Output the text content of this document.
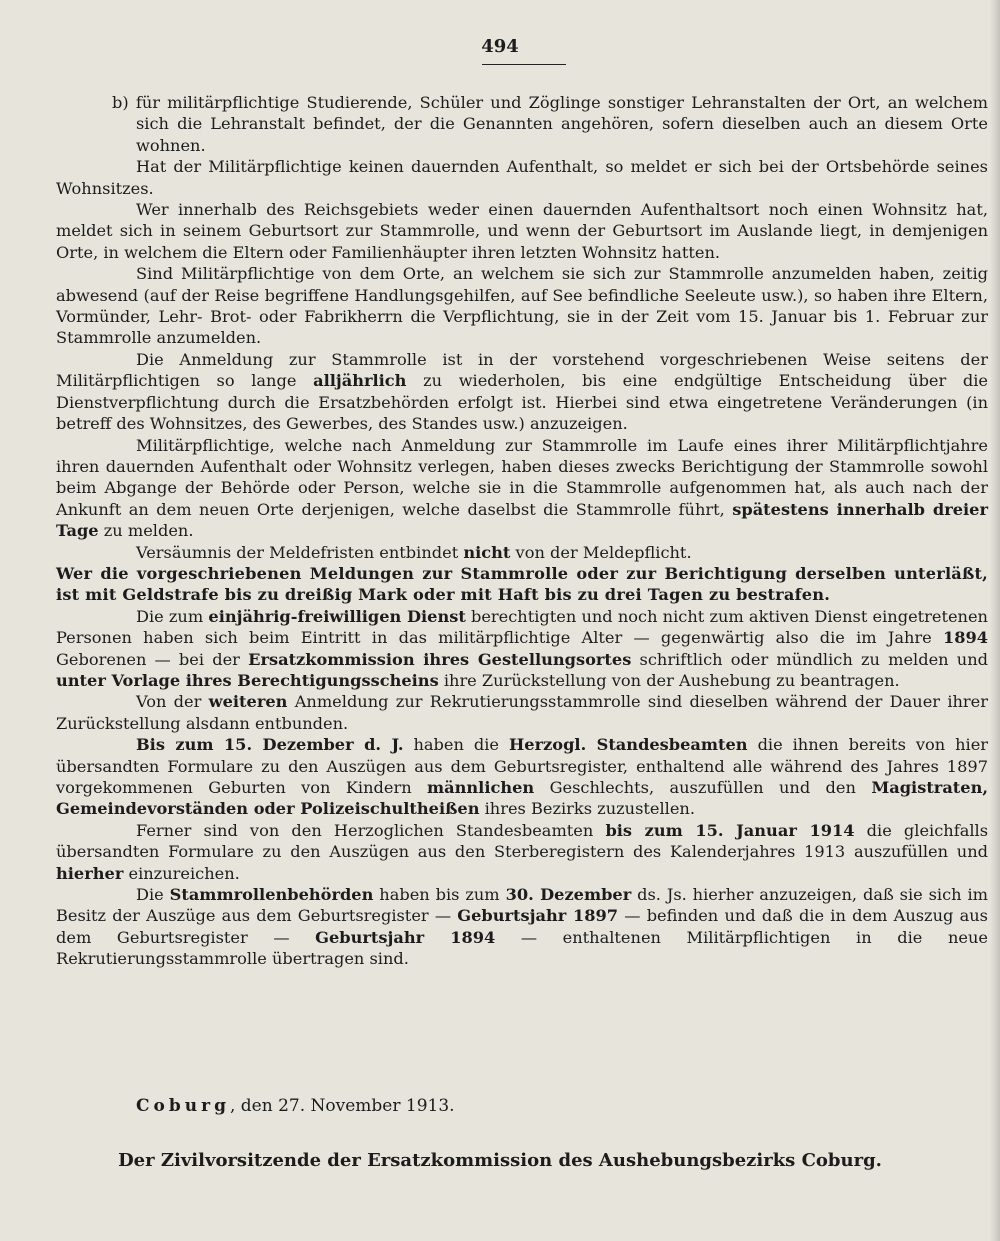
494

b) für militärpflichtige Studierende, Schüler und Zöglinge sonstiger Lehranstalten der Ort, an welchem sich die Lehranstalt befindet, der die Genannten angehören, sofern dieselben auch an diesem Orte wohnen.

Hat der Militärpflichtige keinen dauernden Aufenthalt, so meldet er sich bei der Ortsbehörde seines Wohnsitzes.

Wer innerhalb des Reichsgebiets weder einen dauernden Aufenthaltsort noch einen Wohnsitz hat, meldet sich in seinem Geburtsort zur Stammrolle, und wenn der Geburtsort im Auslande liegt, in demjenigen Orte, in welchem die Eltern oder Familienhäupter ihren letzten Wohnsitz hatten.

Sind Militärpflichtige von dem Orte, an welchem sie sich zur Stammrolle anzumelden haben, zeitig abwesend (auf der Reise begriffene Handlungsgehilfen, auf See befindliche Seeleute usw.), so haben ihre Eltern, Vormünder, Lehr- Brot- oder Fabrikherrn die Verpflichtung, sie in der Zeit vom 15. Januar bis 1. Februar zur Stammrolle anzumelden.

Die Anmeldung zur Stammrolle ist in der vorstehend vorgeschriebenen Weise seitens der Militärpflichtigen so lange alljährlich zu wiederholen, bis eine endgültige Entscheidung über die Dienstverpflichtung durch die Ersatzbehörden erfolgt ist. Hierbei sind etwa eingetretene Veränderungen (in betreff des Wohnsitzes, des Gewerbes, des Standes usw.) anzuzeigen.

Militärpflichtige, welche nach Anmeldung zur Stammrolle im Laufe eines ihrer Militärpflichtjahre ihren dauernden Aufenthalt oder Wohnsitz verlegen, haben dieses zwecks Berichtigung der Stammrolle sowohl beim Abgange der Behörde oder Person, welche sie in die Stammrolle aufgenommen hat, als auch nach der Ankunft an dem neuen Orte derjenigen, welche daselbst die Stammrolle führt, spätestens innerhalb dreier Tage zu melden.

Versäumnis der Meldefristen entbindet nicht von der Meldepflicht.

Wer die vorgeschriebenen Meldungen zur Stammrolle oder zur Berichtigung derselben unterläßt, ist mit Geldstrafe bis zu dreißig Mark oder mit Haft bis zu drei Tagen zu bestrafen.

Die zum einjährig-freiwilligen Dienst berechtigten und noch nicht zum aktiven Dienst eingetretenen Personen haben sich beim Eintritt in das militärpflichtige Alter — gegenwärtig also die im Jahre 1894 Geborenen — bei der Ersatzkommission ihres Gestellungsortes schriftlich oder mündlich zu melden und unter Vorlage ihres Berechtigungsscheins ihre Zurückstellung von der Aushebung zu beantragen.

Von der weiteren Anmeldung zur Rekrutierungsstammrolle sind dieselben während der Dauer ihrer Zurückstellung alsdann entbunden.

Bis zum 15. Dezember d. J. haben die Herzogl. Standesbeamten die ihnen bereits von hier übersandten Formulare zu den Auszügen aus dem Geburtsregister, enthaltend alle während des Jahres 1897 vorgekommenen Geburten von Kindern männlichen Geschlechts, auszufüllen und den Magistraten, Gemeindevorständen oder Polizeischultheißen ihres Bezirks zuzustellen.

Ferner sind von den Herzoglichen Standesbeamten bis zum 15. Januar 1914 die gleichfalls übersandten Formulare zu den Auszügen aus den Sterberegistern des Kalenderjahres 1913 auszufüllen und hierher einzureichen.

Die Stammrollenbehörden haben bis zum 30. Dezember ds. Js. hierher anzuzeigen, daß sie sich im Besitz der Auszüge aus dem Geburtsregister — Geburtsjahr 1897 — befinden und daß die in dem Auszug aus dem Geburtsregister — Geburtsjahr 1894 — enthaltenen Militärpflichtigen in die neue Rekrutierungsstammrolle übertragen sind.

Coburg, den 27. November 1913.
Der Zivilvorsitzende der Ersatzkommission des Aushebungsbezirks Coburg.
